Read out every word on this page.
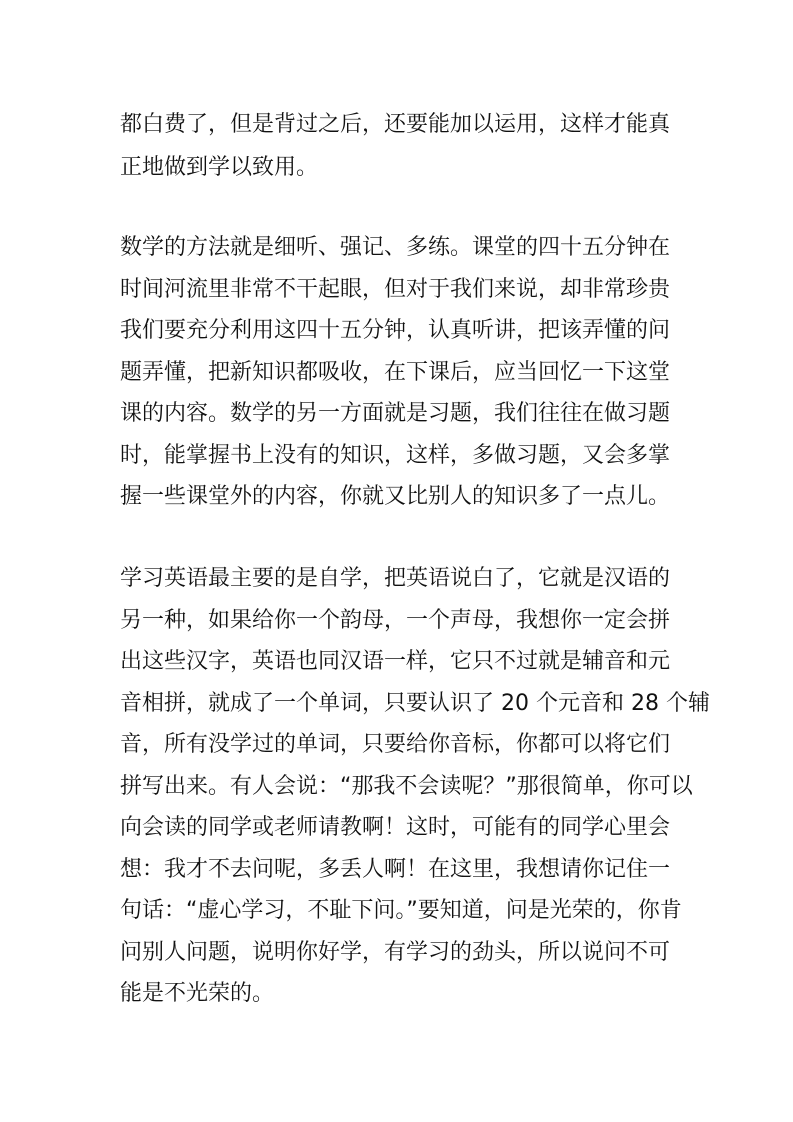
都白费了，但是背过之后，还要能加以运用，这样才能真
正地做到学以致用。
数学的方法就是细听、强记、多练。课堂的四十五分钟在
时间河流里非常不干起眼，但对于我们来说，却非常珍贵
我们要充分利用这四十五分钟，认真听讲，把该弄懂的问
题弄懂，把新知识都吸收，在下课后，应当回忆一下这堂
课的内容。数学的另一方面就是习题，我们往往在做习题
时，能掌握书上没有的知识，这样，多做习题，又会多掌
握一些课堂外的内容，你就又比别人的知识多了一点儿。
学习英语最主要的是自学，把英语说白了，它就是汉语的
另一种，如果给你一个韵母，一个声母，我想你一定会拼
出这些汉字，英语也同汉语一样，它只不过就是辅音和元
音相拼，就成了一个单词，只要认识了 20 个元音和 28 个辅
音，所有没学过的单词，只要给你音标，你都可以将它们
拼写出来。有人会说：“那我不会读呢？”那很简单，你可以
向会读的同学或老师请教啊！这时，可能有的同学心里会
想：我才不去问呢，多丢人啊！在这里，我想请你记住一
句话：“虚心学习，不耻下问。”要知道，问是光荣的，你肯
问别人问题，说明你好学，有学习的劲头，所以说问不可
能是不光荣的。
